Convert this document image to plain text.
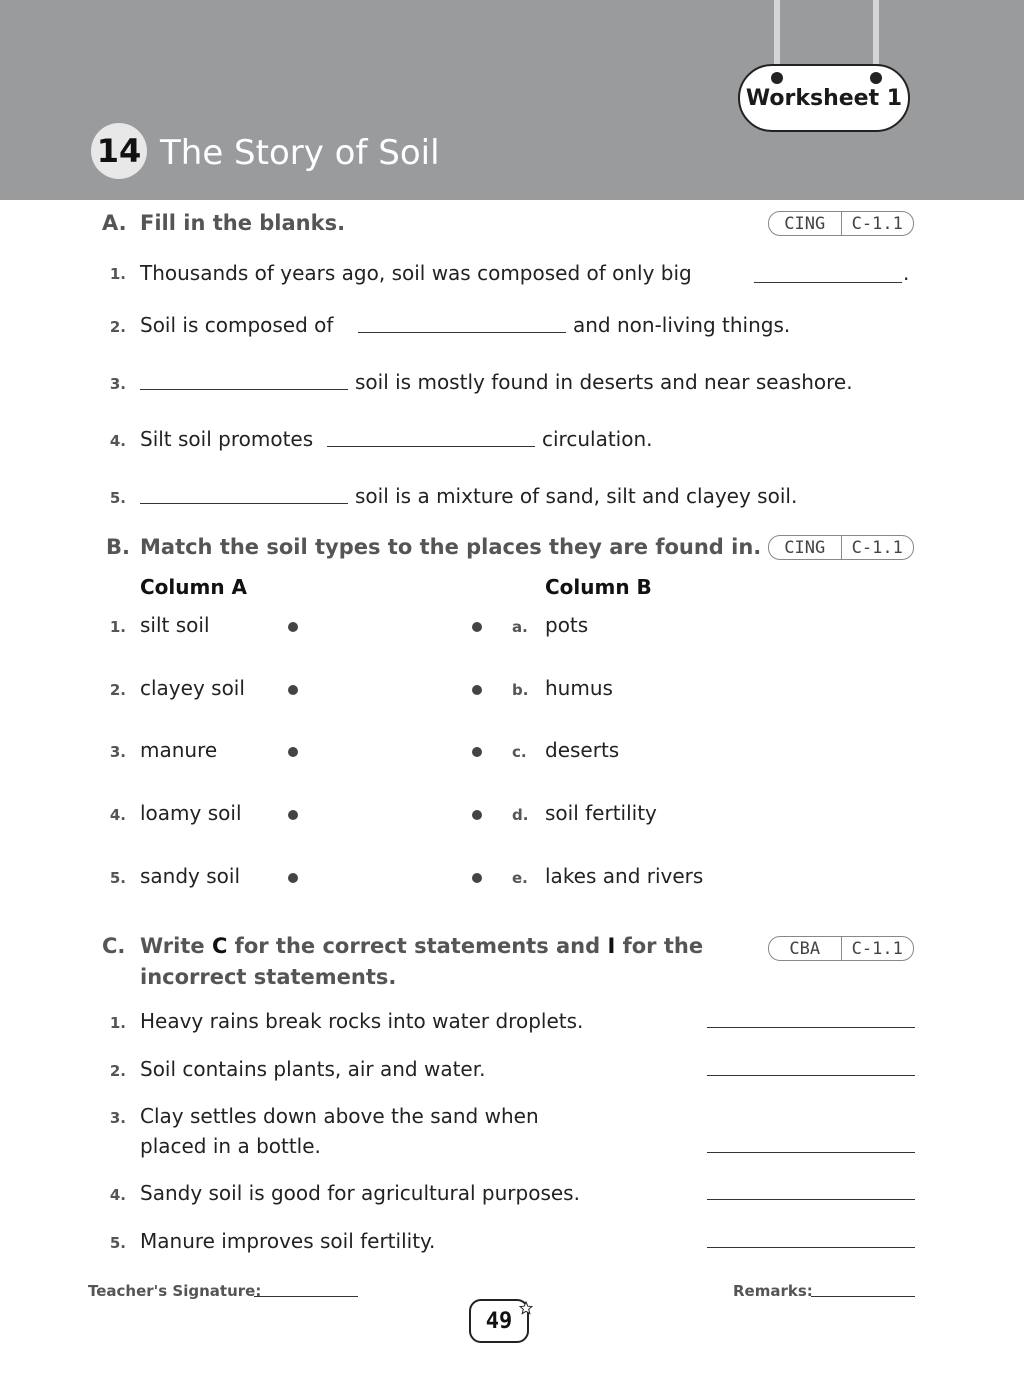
Worksheet 1
14 The Story of Soil
A. Fill in the blanks.	CING	C-1.1
1. Thousands of years ago, soil was composed of only big	.
2. Soil is composed of	and non-living things.
3.	soil is mostly found in deserts and near seashore.
4. Silt soil promotes	circulation.
5.	soil is a mixture of sand, silt and clayey soil.
B. Match the soil types to the places they are found in.	CING	C-1.1
Column A	Column B
1. silt soil	a. pots
2. clayey soil	b. humus
3. manure	c. deserts
4. loamy soil	d. soil fertility
5. sandy soil	e. lakes and rivers
C. Write C for the correct statements and I for the
incorrect statements.
CBA	C-1.1
1. Heavy rains break rocks into water droplets.
2. Soil contains plants, air and water.
3. Clay settles down above the sand when
placed in a bottle.
4. Sandy soil is good for agricultural purposes.
5. Manure improves soil fertility.
Teacher's Signature:	Remarks:
49
